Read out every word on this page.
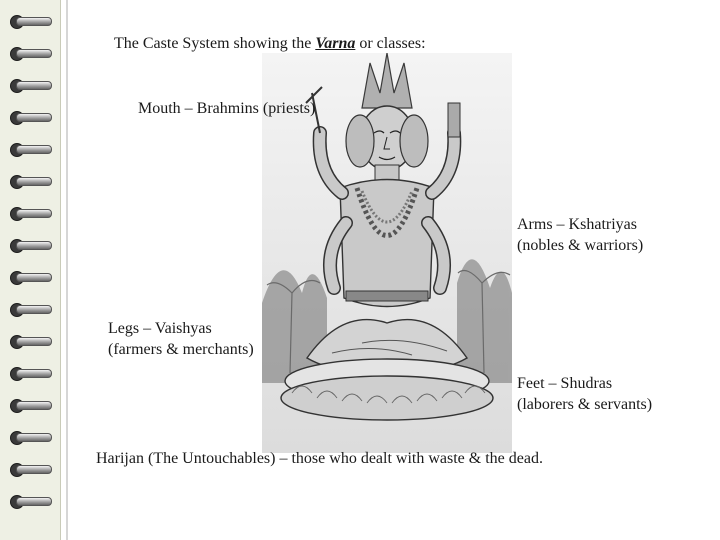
The Caste System showing the Varna or classes:
Mouth – Brahmins (priests)
Arms – Kshatriyas
(nobles & warriors)
Legs – Vaishyas
(farmers & merchants)
Feet – Shudras
(laborers & servants)
Harijan (The Untouchables) – those who dealt with waste & the dead.
